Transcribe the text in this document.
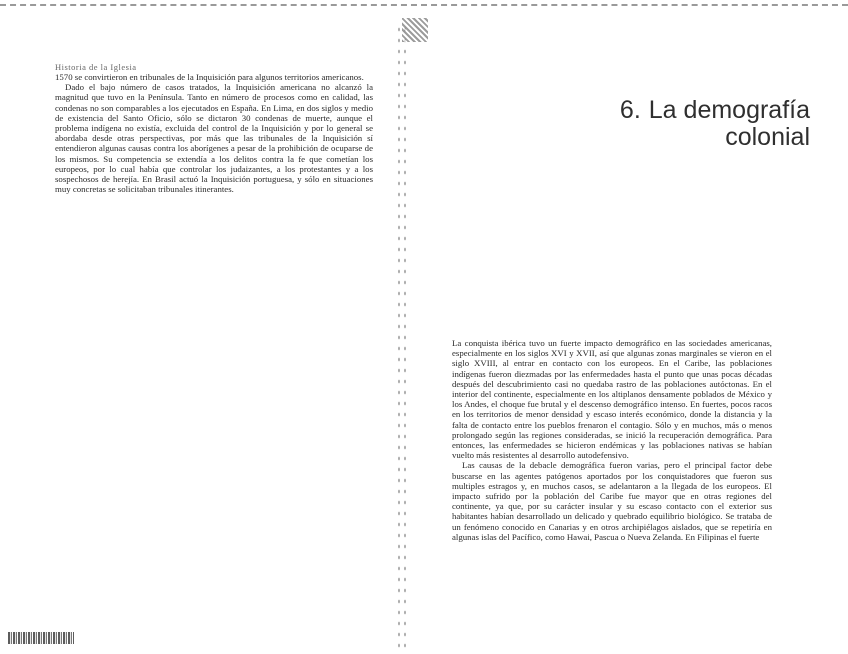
Historia de la Iglesia

1570 se convirtieron en tribunales de la Inquisición para algunos territorios americanos.

Dado el bajo número de casos tratados, la Inquisición americana no alcanzó la magnitud que tuvo en la Península. Tanto en número de procesos como en calidad, las condenas no son comparables a los ejecutados en España. En Lima, en dos siglos y medio de existencia del Santo Oficio, sólo se dictaron 30 condenas de muerte, aunque el problema indígena no existía, excluida del control de la Inquisición y por lo general se abordaba desde otras perspectivas, por más que las tribunales de la Inquisición sí entendieron algunas causas contra los aborígenes a pesar de la prohibición de ocuparse de los mismos. Su competencia se extendía a los delitos contra la fe que cometían los europeos, por lo cual había que controlar los judaizantes, a los protestantes y a los sospechosos de herejía. En Brasil actuó la Inquisición portuguesa, y sólo en situaciones muy concretas se solicitaban tribunales itinerantes.

6. La demografía
colonial

La conquista ibérica tuvo un fuerte impacto demográfico en las sociedades americanas, especialmente en los siglos XVI y XVII, así que algunas zonas marginales se vieron en el siglo XVIII, al entrar en contacto con los europeos. En el Caribe, las poblaciones indígenas fueron diezmadas por las enfermedades hasta el punto que unas pocas décadas después del descubrimiento casi no quedaba rastro de las poblaciones autóctonas. En el interior del continente, especialmente en los altiplanos densamente poblados de México y los Andes, el choque fue brutal y el descenso demográfico intenso. En fuertes, pocos racos en los territorios de menor densidad y escaso interés económico, donde la distancia y la falta de contacto entre los pueblos frenaron el contagio. Sólo y en muchos, más o menos prolongado según las regiones consideradas, se inició la recuperación demográfica. Para entonces, las enfermedades se hicieron endémicas y las poblaciones nativas se habían vuelto más resistentes al desarrollo autodefensivo.

Las causas de la debacle demográfica fueron varias, pero el principal factor debe buscarse en las agentes patógenos aportados por los conquistadores que fueron sus multiples estragos y, en muchos casos, se adelantaron a la llegada de los europeos. El impacto sufrido por la población del Caribe fue mayor que en otras regiones del continente, ya que, por su carácter insular y su escaso contacto con el exterior sus habitantes habían desarrollado un delicado y quebrado equilibrio biológico. Se trataba de un fenómeno conocido en Canarias y en otros archipiélagos aislados, que se repetiría en algunas islas del Pacífico, como Hawai, Pascua o Nueva Zelanda. En Filipinas el fuerte
